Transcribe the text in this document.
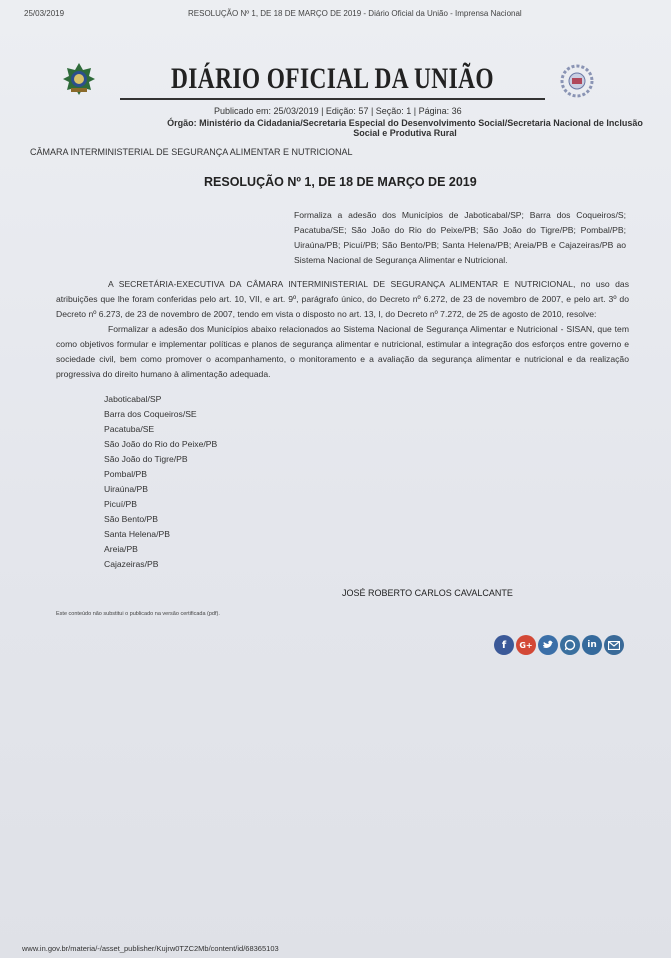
25/03/2019	RESOLUÇÃO Nº 1, DE 18 DE MARÇO DE 2019 - Diário Oficial da União - Imprensa Nacional
DIÁRIO OFICIAL DA UNIÃO
Publicado em: 25/03/2019 | Edição: 57 | Seção: 1 | Página: 36
Órgão: Ministério da Cidadania/Secretaria Especial do Desenvolvimento Social/Secretaria Nacional de Inclusão Social e Produtiva Rural
CÂMARA INTERMINISTERIAL DE SEGURANÇA ALIMENTAR E NUTRICIONAL
RESOLUÇÃO Nº 1, DE 18 DE MARÇO DE 2019
Formaliza a adesão dos Municípios de Jaboticabal/SP; Barra dos Coqueiros/S; Pacatuba/SE; São João do Rio do Peixe/PB; São João do Tigre/PB; Pombal/PB; Uiraúna/PB; Picuí/PB; São Bento/PB; Santa Helena/PB; Areia/PB e Cajazeiras/PB ao Sistema Nacional de Segurança Alimentar e Nutricional.
A SECRETÁRIA-EXECUTIVA DA CÂMARA INTERMINISTERIAL DE SEGURANÇA ALIMENTAR E NUTRICIONAL, no uso das atribuições que lhe foram conferidas pelo art. 10, VII, e art. 9º, parágrafo único, do Decreto nº 6.272, de 23 de novembro de 2007, e pelo art. 3º do Decreto nº 6.273, de 23 de novembro de 2007, tendo em vista o disposto no art. 13, I, do Decreto nº 7.272, de 25 de agosto de 2010, resolve:
Formalizar a adesão dos Municípios abaixo relacionados ao Sistema Nacional de Segurança Alimentar e Nutricional - SISAN, que tem como objetivos formular e implementar políticas e planos de segurança alimentar e nutricional, estimular a integração dos esforços entre governo e sociedade civil, bem como promover o acompanhamento, o monitoramento e a avaliação da segurança alimentar e nutricional e da realização progressiva do direito humano à alimentação adequada.
Jaboticabal/SP
Barra dos Coqueiros/SE
Pacatuba/SE
São João do Rio do Peixe/PB
São João do Tigre/PB
Pombal/PB
Uiraúna/PB
Picuí/PB
São Bento/PB
Santa Helena/PB
Areia/PB
Cajazeiras/PB
JOSÉ ROBERTO CARLOS CAVALCANTE
Este conteúdo não substitui o publicado na versão certificada (pdf).
f	G+	in
www.in.gov.br/materia/-/asset_publisher/Kujrw0TZC2Mb/content/id/68365103
